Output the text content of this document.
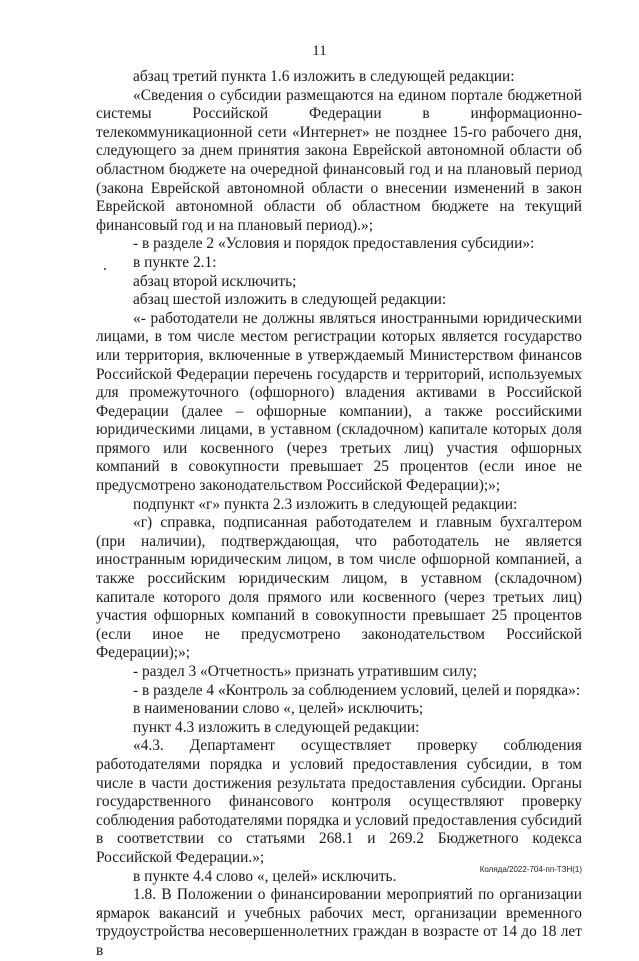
11

абзац третий пункта 1.6 изложить в следующей редакции:

«Сведения о субсидии размещаются на едином портале бюджетной системы Российской Федерации в информационно-телекоммуникационной сети «Интернет» не позднее 15-го рабочего дня, следующего за днем принятия закона Еврейской автономной области об областном бюджете на очередной финансовый год и на плановый период (закона Еврейской автономной области о внесении изменений в закон Еврейской автономной области об областном бюджете на текущий финансовый год и на плановый период).»;

- в разделе 2 «Условия и порядок предоставления субсидии»:

в пункте 2.1:

абзац второй исключить;

абзац шестой изложить в следующей редакции:

«- работодатели не должны являться иностранными юридическими лицами, в том числе местом регистрации которых является государство или территория, включенные в утверждаемый Министерством финансов Российской Федерации перечень государств и территорий, используемых для промежуточного (офшорного) владения активами в Российской Федерации (далее – офшорные компании), а также российскими юридическими лицами, в уставном (складочном) капитале которых доля прямого или косвенного (через третьих лиц) участия офшорных компаний в совокупности превышает 25 процентов (если иное не предусмотрено законодательством Российской Федерации);»;

подпункт «г» пункта 2.3 изложить в следующей редакции:

«г) справка, подписанная работодателем и главным бухгалтером (при наличии), подтверждающая, что работодатель не является иностранным юридическим лицом, в том числе офшорной компанией, а также российским юридическим лицом, в уставном (складочном) капитале которого доля прямого или косвенного (через третьих лиц) участия офшорных компаний в совокупности превышает 25 процентов (если иное не предусмотрено законодательством Российской Федерации);»;

- раздел 3 «Отчетность» признать утратившим силу;

- в разделе 4 «Контроль за соблюдением условий, целей и порядка»:

в наименовании слово «, целей» исключить;

пункт 4.3 изложить в следующей редакции:

«4.3. Департамент осуществляет проверку соблюдения работодателями порядка и условий предоставления субсидии, в том числе в части достижения результата предоставления субсидии. Органы государственного финансового контроля осуществляют проверку соблюдения работодателями порядка и условий предоставления субсидий в соответствии со статьями 268.1 и 269.2 Бюджетного кодекса Российской Федерации.»;

в пункте 4.4 слово «, целей» исключить.

1.8. В Положении о финансировании мероприятий по организации ярмарок вакансий и учебных рабочих мест, организации временного трудоустройства несовершеннолетних граждан в возрасте от 14 до 18 лет в

Коляда/2022-704-пп-ТЗН(1)
